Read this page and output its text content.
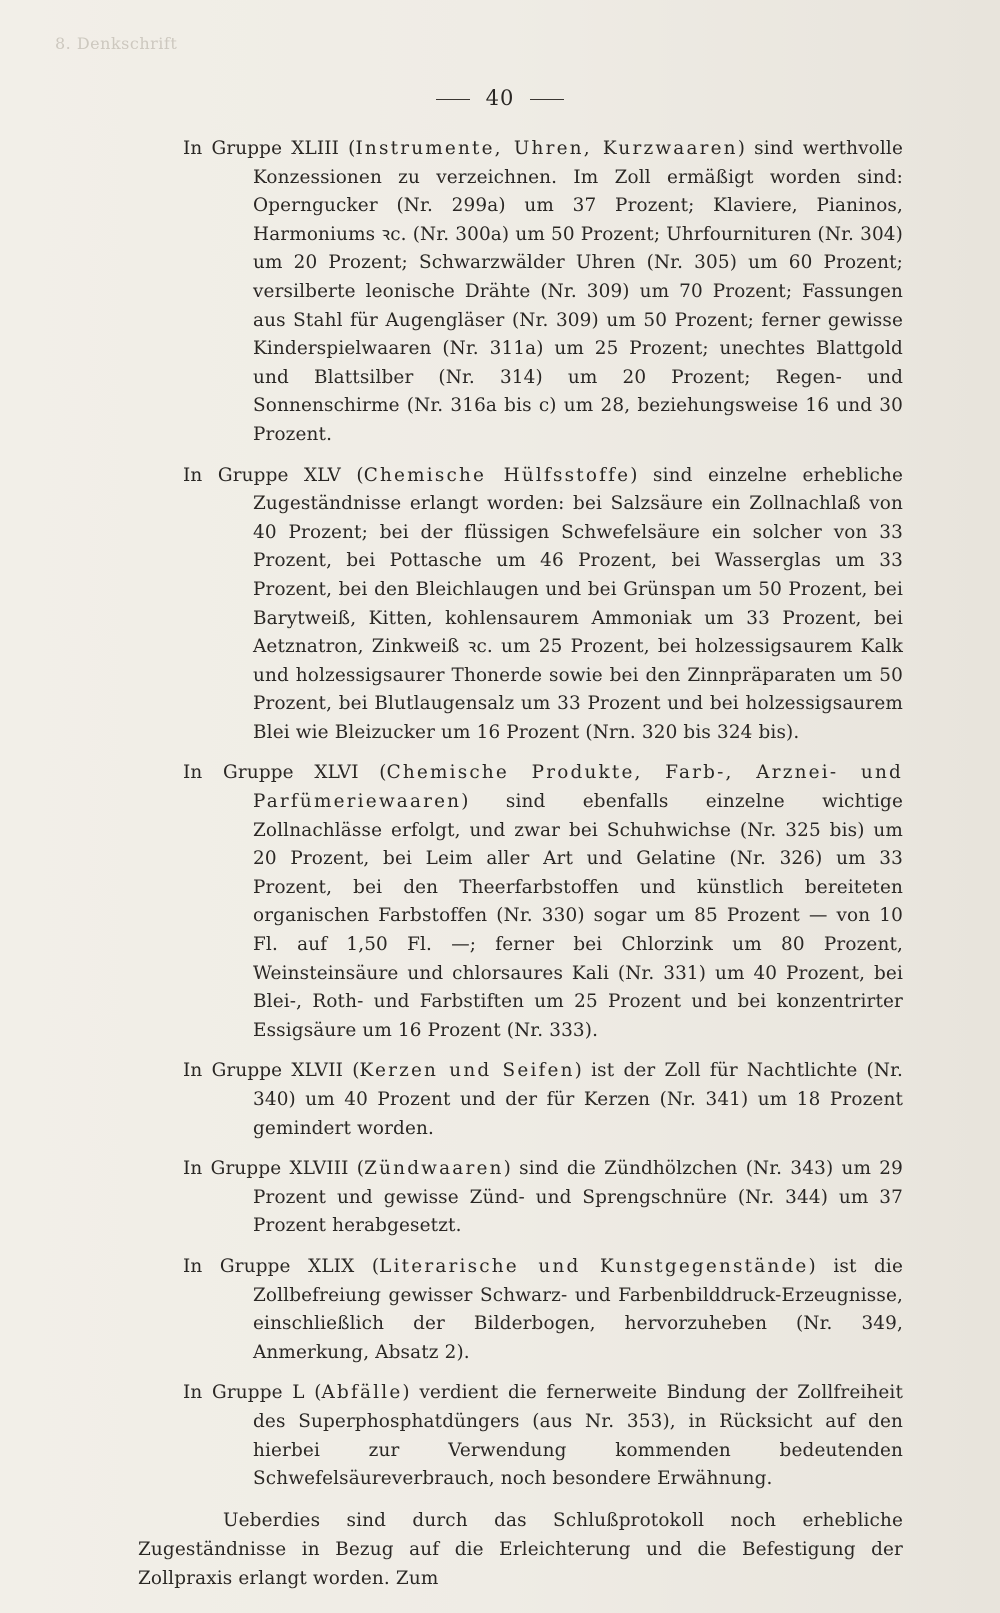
8. Denkschrift
40

In Gruppe XLIII (Instrumente, Uhren, Kurzwaaren) sind werthvolle Konzessionen zu verzeichnen. Im Zoll ermäßigt worden sind: Operngucker (Nr. 299a) um 37 Prozent; Klaviere, Pianinos, Harmoniums ꝛc. (Nr. 300a) um 50 Prozent; Uhrfournituren (Nr. 304) um 20 Prozent; Schwarzwälder Uhren (Nr. 305) um 60 Prozent; versilberte leonische Drähte (Nr. 309) um 70 Prozent; Fassungen aus Stahl für Augengläser (Nr. 309) um 50 Prozent; ferner gewisse Kinderspielwaaren (Nr. 311a) um 25 Prozent; unechtes Blattgold und Blattsilber (Nr. 314) um 20 Prozent; Regen- und Sonnenschirme (Nr. 316a bis c) um 28, beziehungsweise 16 und 30 Prozent.

In Gruppe XLV (Chemische Hülfsstoffe) sind einzelne erhebliche Zugeständnisse erlangt worden: bei Salzsäure ein Zollnachlaß von 40 Prozent; bei der flüssigen Schwefelsäure ein solcher von 33 Prozent, bei Pottasche um 46 Prozent, bei Wasserglas um 33 Prozent, bei den Bleichlaugen und bei Grünspan um 50 Prozent, bei Barytweiß, Kitten, kohlensaurem Ammoniak um 33 Prozent, bei Aetznatron, Zinkweiß ꝛc. um 25 Prozent, bei holzessigsaurem Kalk und holzessigsaurer Thonerde sowie bei den Zinnpräparaten um 50 Prozent, bei Blutlaugensalz um 33 Prozent und bei holzessigsaurem Blei wie Bleizucker um 16 Prozent (Nrn. 320 bis 324 bis).

In Gruppe XLVI (Chemische Produkte, Farb-, Arznei- und Parfümeriewaaren) sind ebenfalls einzelne wichtige Zollnachlässe erfolgt, und zwar bei Schuhwichse (Nr. 325 bis) um 20 Prozent, bei Leim aller Art und Gelatine (Nr. 326) um 33 Prozent, bei den Theerfarbstoffen und künstlich bereiteten organischen Farbstoffen (Nr. 330) sogar um 85 Prozent — von 10 Fl. auf 1,50 Fl. —; ferner bei Chlorzink um 80 Prozent, Weinsteinsäure und chlorsaures Kali (Nr. 331) um 40 Prozent, bei Blei-, Roth- und Farbstiften um 25 Prozent und bei konzentrirter Essigsäure um 16 Prozent (Nr. 333).

In Gruppe XLVII (Kerzen und Seifen) ist der Zoll für Nachtlichte (Nr. 340) um 40 Prozent und der für Kerzen (Nr. 341) um 18 Prozent gemindert worden.

In Gruppe XLVIII (Zündwaaren) sind die Zündhölzchen (Nr. 343) um 29 Prozent und gewisse Zünd- und Sprengschnüre (Nr. 344) um 37 Prozent herabgesetzt.

In Gruppe XLIX (Literarische und Kunstgegenstände) ist die Zollbefreiung gewisser Schwarz- und Farbenbilddruck-Erzeugnisse, einschließlich der Bilderbogen, hervorzuheben (Nr. 349, Anmerkung, Absatz 2).

In Gruppe L (Abfälle) verdient die fernerweite Bindung der Zollfreiheit des Superphosphatdüngers (aus Nr. 353), in Rücksicht auf den hierbei zur Verwendung kommenden bedeutenden Schwefelsäureverbrauch, noch besondere Erwähnung.

Ueberdies sind durch das Schlußprotokoll noch erhebliche Zugeständnisse in Bezug auf die Erleichterung und die Befestigung der Zollpraxis erlangt worden. Zum
